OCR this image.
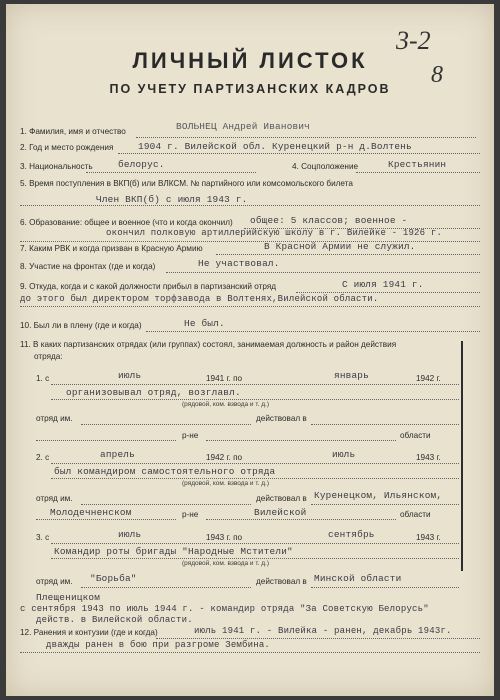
3-2
8
ЛИЧНЫЙ ЛИСТОК
ПО УЧЕТУ ПАРТИЗАНСКИХ КАДРОВ
1. Фамилия, имя и отчество	ВОЛЬНЕЦ Андрей Иванович
2. Год и место рождения	1904 г. Вилейской обл. Куренецкий р-н д.Волтень
3. Национальность	белорус.	4. Соцположение	Крестьянин
5. Время поступления в ВКП(б) или ВЛКСМ. № партийного или комсомольского билета
Член ВКП(б) с июля 1943 г.
6. Образование: общее и военное (что и когда окончил) общее: 5 классов; военное -
окончил полковую артиллерийскую школу в г. Вилейке - 1926 г.
7. Каким РВК и когда призван в Красную Армию	В Красной Армии не служил.
8. Участие на фронтах (где и когда)	Не участвовал.
9. Откуда, когда и с какой должности прибыл в партизанский отряд	С июля 1941 г.
до этого был директором торфзавода в Волтенях,Вилейской области.
10. Был ли в плену (где и когда)	Не был.
11. В каких партизанских отрядах (или группах) состоял, занимаемая должность и район действия
отряда:
1. с	июль	1941 г. по	январь	1942 г.
организовывал отряд, возглавл.
(рядовой, ком. взвода и т. д.)
отряд им.	действовал в
р-не	области
2. с	апрель	1942 г. по	июль	1943 г.
был командиром самостоятельного отряда
(рядовой, ком. взвода и т. д.)
отряд им.	действовал в Куренецком, Ильянском,
Молодечненском	р-не	Вилейской	области
3. с	июль	1943 г. по	сентябрь	1943 г.
Командир роты бригады "Народные Мстители"
(рядовой, ком. взвода и т. д.)
отряд им. "Борьба"	действовал в Минской области
Плещеницком
с сентября 1943 по июль 1944 г. - командир отряда "За Советскую Белорусь"
действ. в Вилейской области.
12. Ранения и контузии (где и когда)	июль 1941 г. - Вилейка - ранен, декабрь 1943г.
дважды ранен в бою при разгроме Зембина.
